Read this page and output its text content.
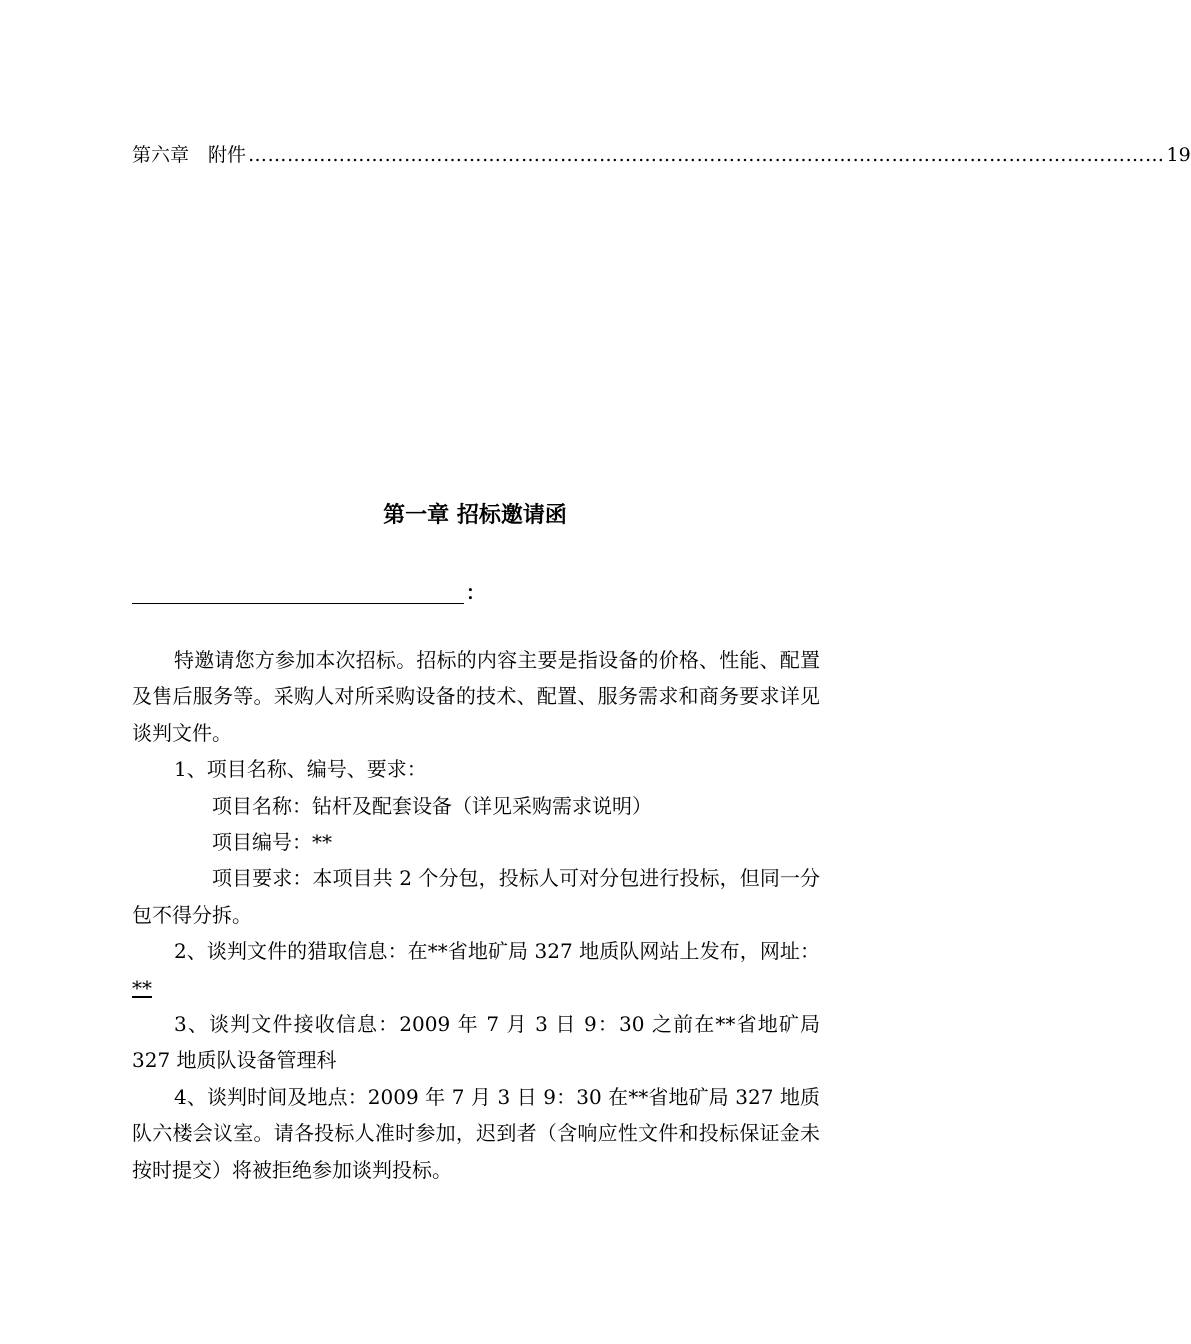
第六章　附件 …………………………………………………………………………………………………………………………… 19
第一章 招标邀请函
：

特邀请您方参加本次招标。招标的内容主要是指设备的价格、性能、配置及售后服务等。采购人对所采购设备的技术、配置、服务需求和商务要求详见谈判文件。

1、项目名称、编号、要求：

项目名称：钻杆及配套设备（详见采购需求说明）

项目编号：**

项目要求：本项目共 2 个分包，投标人可对分包进行投标，但同一分包不得分拆。

2、谈判文件的猎取信息：在**省地矿局 327 地质队网站上发布，网址：**

3、谈判文件接收信息：2009 年 7 月 3 日 9：30 之前在**省地矿局 327 地质队设备管理科

4、谈判时间及地点：2009 年 7 月 3 日 9：30 在**省地矿局 327 地质队六楼会议室。请各投标人准时参加，迟到者（含响应性文件和投标保证金未按时提交）将被拒绝参加谈判投标。
